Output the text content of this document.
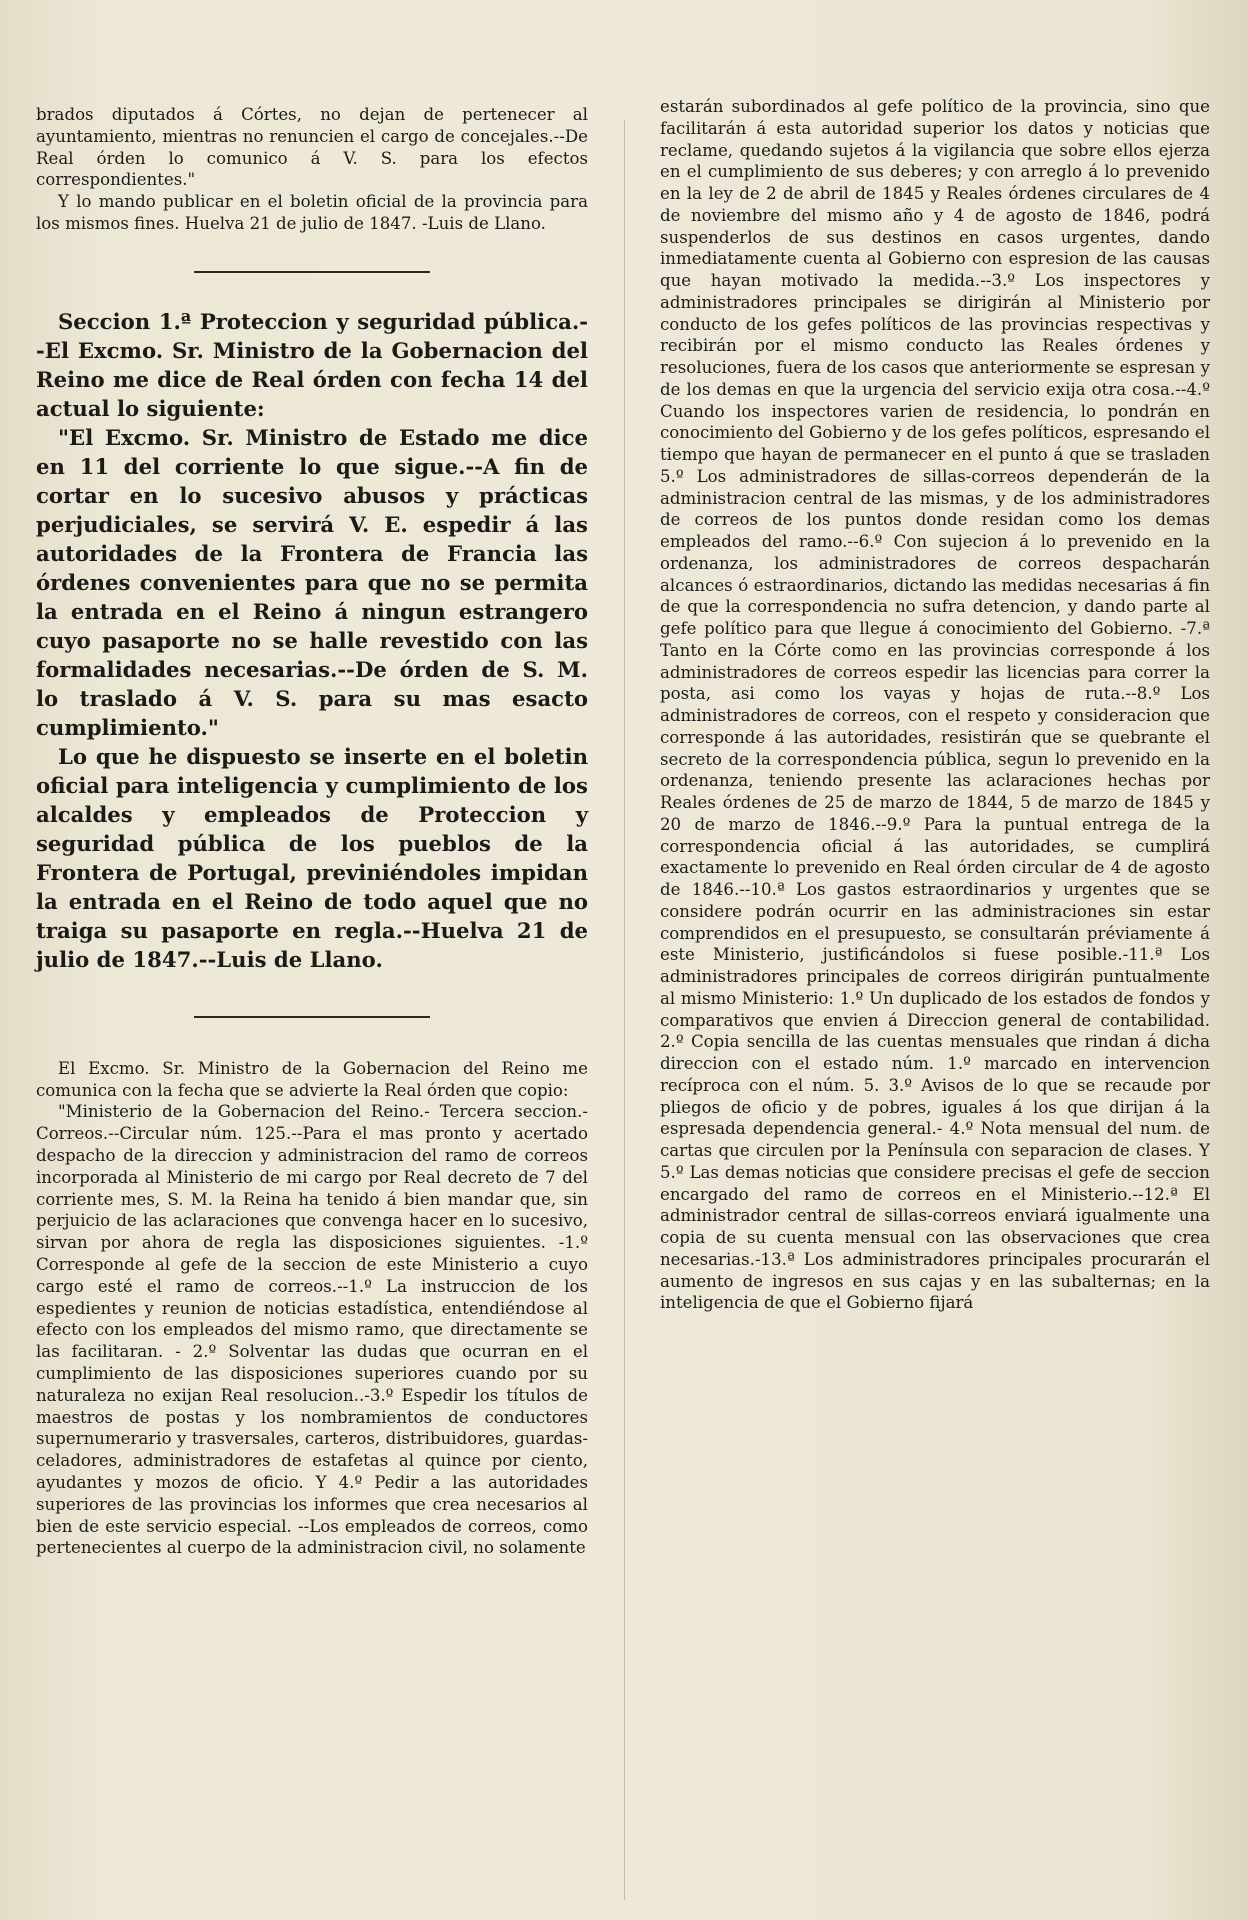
brados diputados á Córtes, no dejan de pertenecer al ayuntamiento, mientras no renuncien el cargo de concejales.--De Real órden lo comunico á V. S. para los efectos correspondientes."

Y lo mando publicar en el boletin oficial de la provincia para los mismos fines. Huelva 21 de julio de 1847. -Luis de Llano.

Seccion 1.ª Proteccion y seguridad pública.--El Excmo. Sr. Ministro de la Gobernacion del Reino me dice de Real órden con fecha 14 del actual lo siguiente:

"El Excmo. Sr. Ministro de Estado me dice en 11 del corriente lo que sigue.--A fin de cortar en lo sucesivo abusos y prácticas perjudiciales, se servirá V. E. espedir á las autoridades de la Frontera de Francia las órdenes convenientes para que no se permita la entrada en el Reino á ningun estrangero cuyo pasaporte no se halle revestido con las formalidades necesarias.--De órden de S. M. lo traslado á V. S. para su mas esacto cumplimiento."

Lo que he dispuesto se inserte en el boletin oficial para inteligencia y cumplimiento de los alcaldes y empleados de Proteccion y seguridad pública de los pueblos de la Frontera de Portugal, previniéndoles impidan la entrada en el Reino de todo aquel que no traiga su pasaporte en regla.--Huelva 21 de julio de 1847.--Luis de Llano.

El Excmo. Sr. Ministro de la Gobernacion del Reino me comunica con la fecha que se advierte la Real órden que copio:

"Ministerio de la Gobernacion del Reino.- Tercera seccion.- Correos.--Circular núm. 125.--Para el mas pronto y acertado despacho de la direccion y administracion del ramo de correos incorporada al Ministerio de mi cargo por Real decreto de 7 del corriente mes, S. M. la Reina ha tenido á bien mandar que, sin perjuicio de las aclaraciones que convenga hacer en lo sucesivo, sirvan por ahora de regla las disposiciones siguientes. -1.º Corresponde al gefe de la seccion de este Ministerio a cuyo cargo esté el ramo de correos.--1.º La instruccion de los espedientes y reunion de noticias estadística, entendiéndose al efecto con los empleados del mismo ramo, que directamente se las facilitaran. - 2.º Solventar las dudas que ocurran en el cumplimiento de las disposiciones superiores cuando por su naturaleza no exijan Real resolucion..-3.º Espedir los títulos de maestros de postas y los nombramientos de conductores supernumerario y trasversales, carteros, distribuidores, guardas-celadores, administradores de estafetas al quince por ciento, ayudantes y mozos de oficio. Y 4.º Pedir a las autoridades superiores de las provincias los informes que crea necesarios al bien de este servicio especial. --Los empleados de correos, como pertenecientes al cuerpo de la administracion civil, no solamente

estarán subordinados al gefe político de la provincia, sino que facilitarán á esta autoridad superior los datos y noticias que reclame, quedando sujetos á la vigilancia que sobre ellos ejerza en el cumplimiento de sus deberes; y con arreglo á lo prevenido en la ley de 2 de abril de 1845 y Reales órdenes circulares de 4 de noviembre del mismo año y 4 de agosto de 1846, podrá suspenderlos de sus destinos en casos urgentes, dando inmediatamente cuenta al Gobierno con espresion de las causas que hayan motivado la medida.--3.º Los inspectores y administradores principales se dirigirán al Ministerio por conducto de los gefes políticos de las provincias respectivas y recibirán por el mismo conducto las Reales órdenes y resoluciones, fuera de los casos que anteriormente se espresan y de los demas en que la urgencia del servicio exija otra cosa.--4.º Cuando los inspectores varien de residencia, lo pondrán en conocimiento del Gobierno y de los gefes políticos, espresando el tiempo que hayan de permanecer en el punto á que se trasladen 5.º Los administradores de sillas-correos dependerán de la administracion central de las mismas, y de los administradores de correos de los puntos donde residan como los demas empleados del ramo.--6.º Con sujecion á lo prevenido en la ordenanza, los administradores de correos despacharán alcances ó estraordinarios, dictando las medidas necesarias á fin de que la correspondencia no sufra detencion, y dando parte al gefe político para que llegue á conocimiento del Gobierno. -7.ª Tanto en la Córte como en las provincias corresponde á los administradores de correos espedir las licencias para correr la posta, asi como los vayas y hojas de ruta.--8.º Los administradores de correos, con el respeto y consideracion que corresponde á las autoridades, resistirán que se quebrante el secreto de la correspondencia pública, segun lo prevenido en la ordenanza, teniendo presente las aclaraciones hechas por Reales órdenes de 25 de marzo de 1844, 5 de marzo de 1845 y 20 de marzo de 1846.--9.º Para la puntual entrega de la correspondencia oficial á las autoridades, se cumplirá exactamente lo prevenido en Real órden circular de 4 de agosto de 1846.--10.ª Los gastos estraordinarios y urgentes que se considere podrán ocurrir en las administraciones sin estar comprendidos en el presupuesto, se consultarán préviamente á este Ministerio, justificándolos si fuese posible.-11.ª Los administradores principales de correos dirigirán puntualmente al mismo Ministerio: 1.º Un duplicado de los estados de fondos y comparativos que envien á Direccion general de contabilidad. 2.º Copia sencilla de las cuentas mensuales que rindan á dicha direccion con el estado núm. 1.º marcado en intervencion recíproca con el núm. 5. 3.º Avisos de lo que se recaude por pliegos de oficio y de pobres, iguales á los que dirijan á la espresada dependencia general.- 4.º Nota mensual del num. de cartas que circulen por la Península con separacion de clases. Y 5.º Las demas noticias que considere precisas el gefe de seccion encargado del ramo de correos en el Ministerio.--12.ª El administrador central de sillas-correos enviará igualmente una copia de su cuenta mensual con las observaciones que crea necesarias.-13.ª Los administradores principales procurarán el aumento de ingresos en sus cajas y en las subalternas; en la inteligencia de que el Gobierno fijará
